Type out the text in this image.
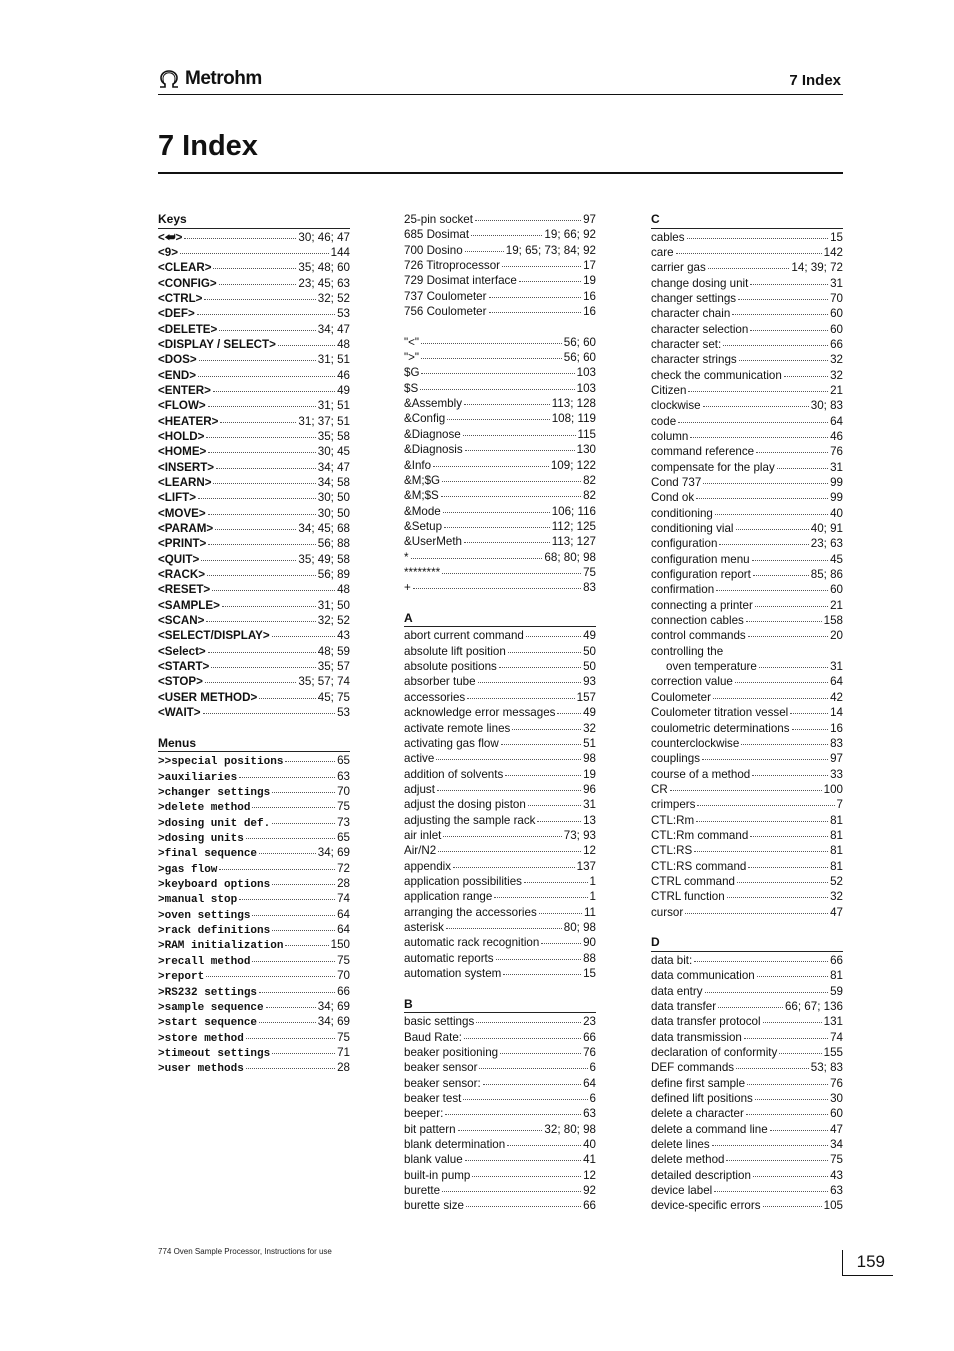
Metrohm	7 Index
7 Index
Keys
<⮨>	30; 46; 47
<9>	144
<CLEAR>	35; 48; 60
<CONFIG>	23; 45; 63
<CTRL>	32; 52
<DEF>	53
<DELETE>	34; 47
<DISPLAY / SELECT>	48
<DOS>	31; 51
<END>	46
<ENTER>	49
<FLOW>	31; 51
<HEATER>	31; 37; 51
<HOLD>	35; 58
<HOME>	30; 45
<INSERT>	34; 47
<LEARN>	34; 58
<LIFT>	30; 50
<MOVE>	30; 50
<PARAM>	34; 45; 68
<PRINT>	56; 88
<QUIT>	35; 49; 58
<RACK>	56; 89
<RESET>	48
<SAMPLE>	31; 50
<SCAN>	32; 52
<SELECT/DISPLAY>	43
<Select>	48; 59
<START>	35; 57
<STOP>	35; 57; 74
<USER METHOD>	45; 75
<WAIT>	53
Menus
>>special positions	65
>auxiliaries	63
>changer settings	70
>delete method	75
>dosing unit def.	73
>dosing units	65
>final sequence	34; 69
>gas flow	72
>keyboard options	28
>manual stop	74
>oven settings	64
>rack definitions	64
>RAM initialization	150
>recall method	75
>report	70
>RS232 settings	66
>sample sequence	34; 69
>start sequence	34; 69
>store method	75
>timeout settings	71
>user methods	28
25-pin socket	97
685 Dosimat	19; 66; 92
700 Dosino	19; 65; 73; 84; 92
726 Titroprocessor	17
729 Dosimat interface	19
737 Coulometer	16
756 Coulometer	16
"<"	56; 60
">"	56; 60
$G	103
$S	103
&Assembly	113; 128
&Config	108; 119
&Diagnose	115
&Diagnosis	130
&Info	109; 122
&M;$G	82
&M;$S	82
&Mode	106; 116
&Setup	112; 125
&UserMeth	113; 127
*	68; 80; 98
********	75
+	83
A
abort current command	49
absolute lift position	50
absolute positions	50
absorber tube	93
accessories	157
acknowledge error messages 49
activate remote lines	32
activating gas flow	51
active	98
addition of solvents	19
adjust	96
adjust the dosing piston	31
adjusting the sample rack	13
air inlet	73; 93
Air/N2	12
appendix	137
application possibilities	1
application range	1
arranging the accessories	11
asterisk	80; 98
automatic rack recognition	90
automatic reports	88
automation system	15
B
basic settings	23
Baud Rate:	66
beaker positioning	76
beaker sensor	6
beaker sensor:	64
beaker test	6
beeper:	63
bit pattern	32; 80; 98
blank determination	40
blank value	41
built-in pump	12
burette	92
burette size	66
C
cables	15
care	142
carrier gas	14; 39; 72
change dosing unit	31
changer settings	70
character chain	60
character selection	60
character set:	66
character strings	32
check the communication	32
Citizen	21
clockwise	30; 83
code	64
column	46
command reference	76
compensate for the play	31
Cond 737	99
Cond ok	99
conditioning	40
conditioning vial	40; 91
configuration	23; 63
configuration menu	45
configuration report	85; 86
confirmation	60
connecting a printer	21
connection cables	158
control commands	20
controlling the
oven temperature	31
correction value	64
Coulometer	42
Coulometer titration vessel	14
coulometric determinations	16
counterclockwise	83
couplings	97
course of a method	33
CR	100
crimpers	7
CTL:Rm	81
CTL:Rm command	81
CTL:RS	81
CTL:RS command	81
CTRL command	52
CTRL function	32
cursor	47
D
data bit:	66
data communication	81
data entry	59
data transfer	66; 67; 136
data transfer protocol	131
data transmission	74
declaration of conformity	155
DEF commands	53; 83
define first sample	76
defined lift positions	30
delete a character	60
delete a command line	47
delete lines	34
delete method	75
detailed description	43
device label	63
device-specific errors	105
774 Oven Sample Processor, Instructions for use
159
